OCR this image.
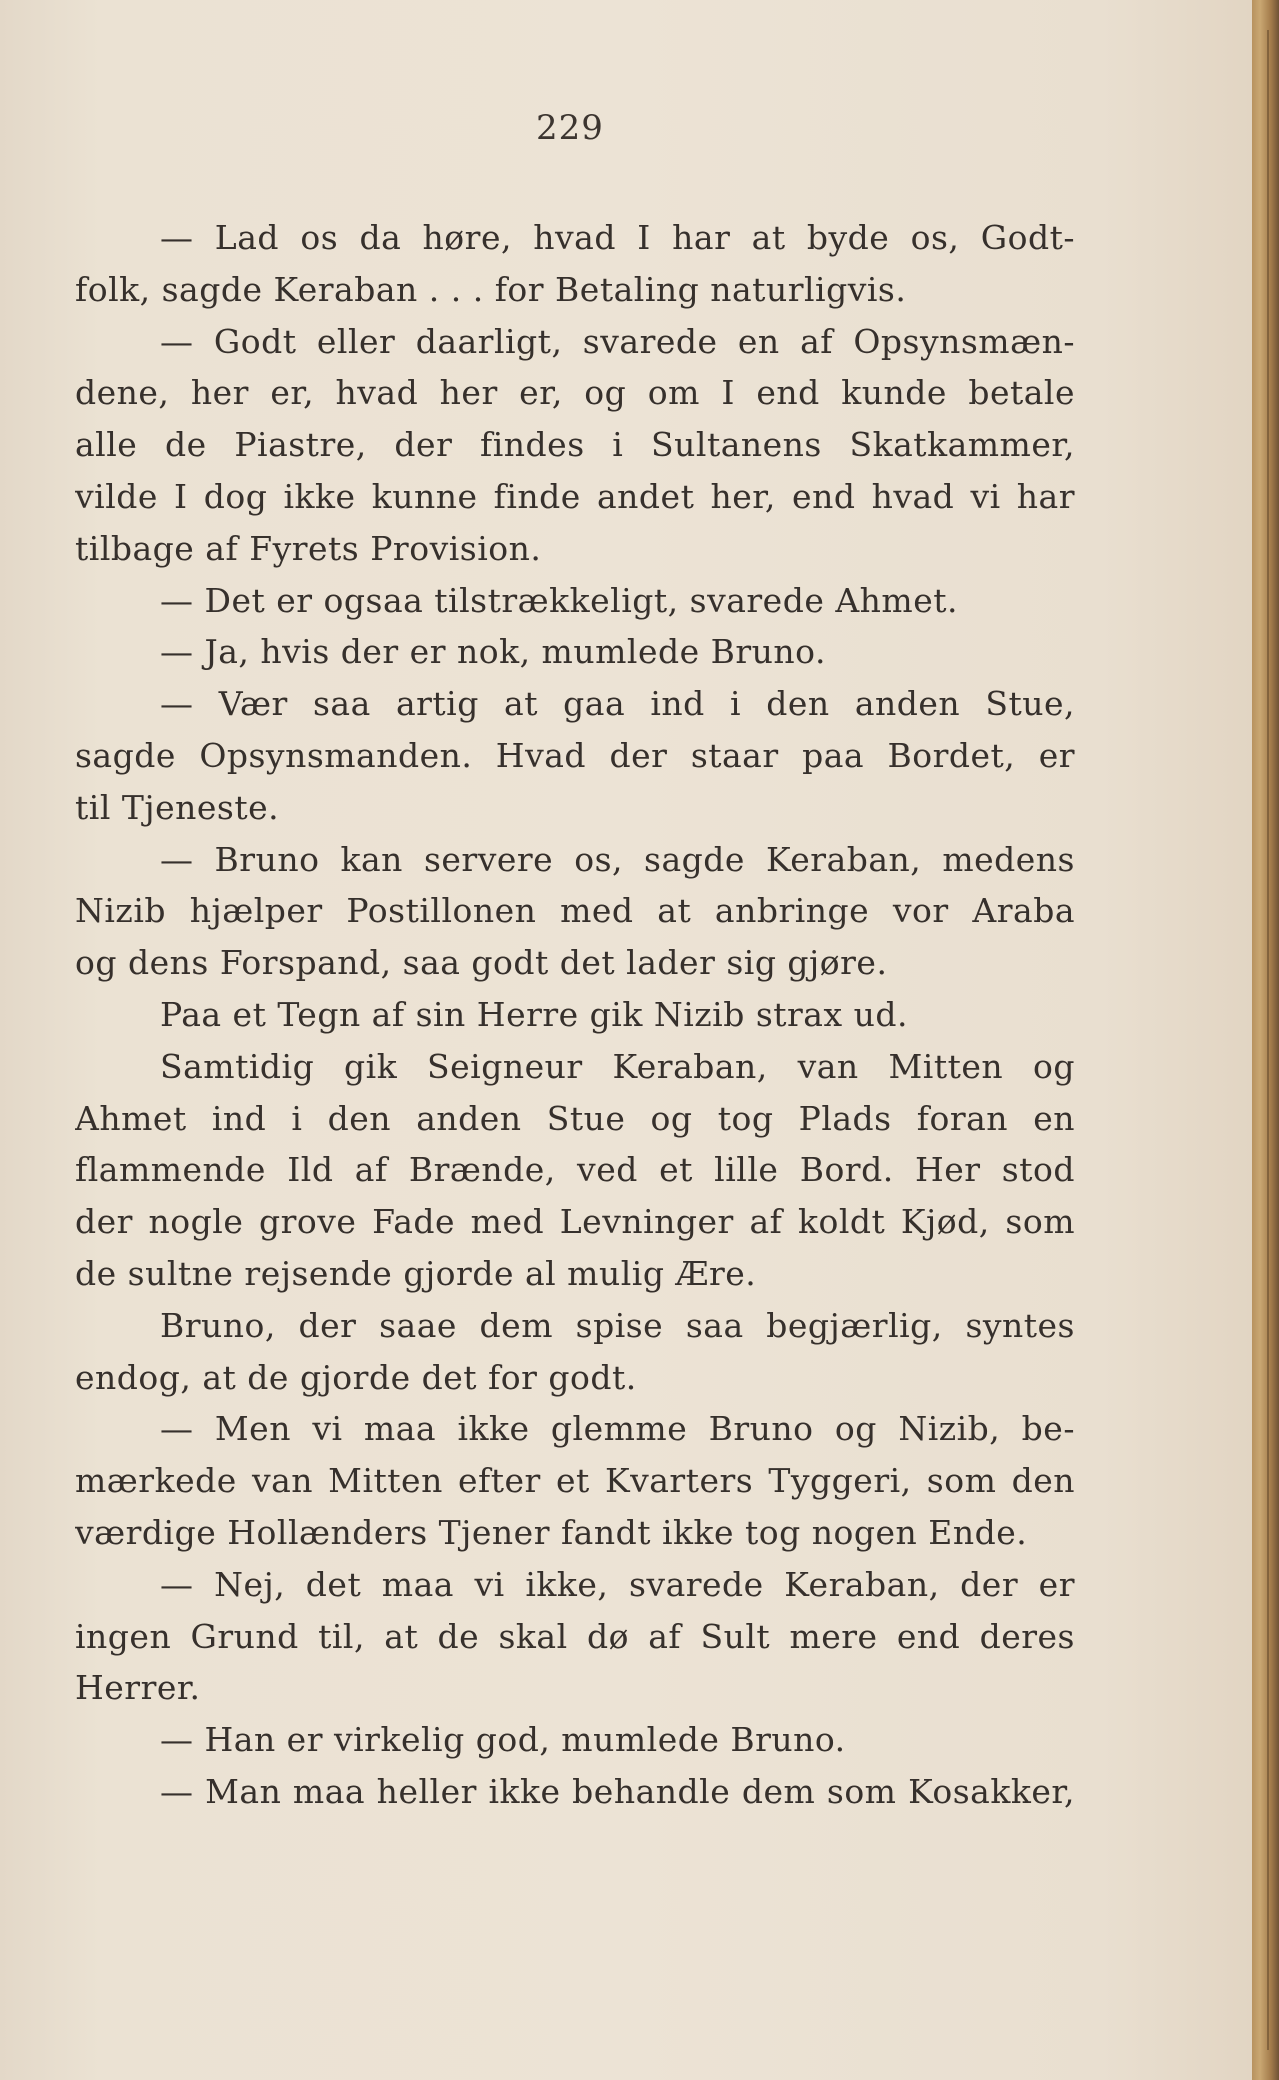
229
— Lad os da høre, hvad I har at byde os, Godt-
folk, sagde Keraban . . . for Betaling naturligvis.
— Godt eller daarligt, svarede en af Opsynsmæn-
dene, her er, hvad her er, og om I end kunde betale
alle de Piastre, der findes i Sultanens Skatkammer,
vilde I dog ikke kunne finde andet her, end hvad vi har
tilbage af Fyrets Provision.
— Det er ogsaa tilstrækkeligt, svarede Ahmet.
— Ja, hvis der er nok, mumlede Bruno.
— Vær saa artig at gaa ind i den anden Stue,
sagde Opsynsmanden. Hvad der staar paa Bordet, er
til Tjeneste.
— Bruno kan servere os, sagde Keraban, medens
Nizib hjælper Postillonen med at anbringe vor Araba
og dens Forspand, saa godt det lader sig gjøre.
Paa et Tegn af sin Herre gik Nizib strax ud.
Samtidig gik Seigneur Keraban, van Mitten og
Ahmet ind i den anden Stue og tog Plads foran en
flammende Ild af Brænde, ved et lille Bord. Her stod
der nogle grove Fade med Levninger af koldt Kjød, som
de sultne rejsende gjorde al mulig Ære.
Bruno, der saae dem spise saa begjærlig, syntes
endog, at de gjorde det for godt.
— Men vi maa ikke glemme Bruno og Nizib, be-
mærkede van Mitten efter et Kvarters Tyggeri, som den
værdige Hollænders Tjener fandt ikke tog nogen Ende.
— Nej, det maa vi ikke, svarede Keraban, der er
ingen Grund til, at de skal dø af Sult mere end deres
Herrer.
— Han er virkelig god, mumlede Bruno.
— Man maa heller ikke behandle dem som Kosakker,
